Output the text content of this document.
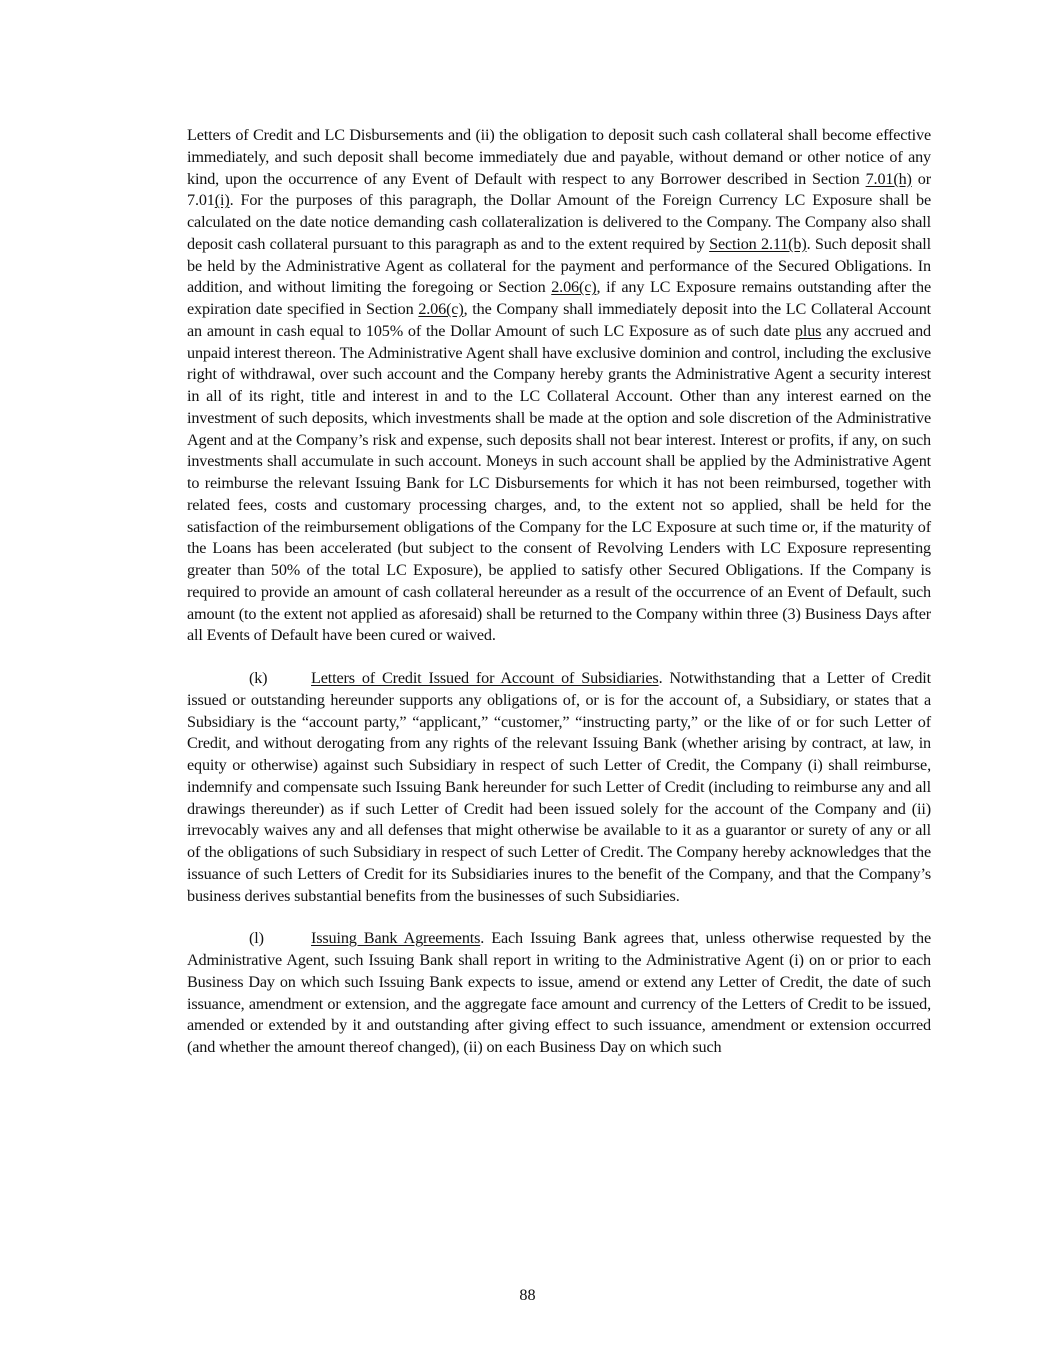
Letters of Credit and LC Disbursements and (ii) the obligation to deposit such cash collateral shall become effective immediately, and such deposit shall become immediately due and payable, without demand or other notice of any kind, upon the occurrence of any Event of Default with respect to any Borrower described in Section 7.01(h) or 7.01(i). For the purposes of this paragraph, the Dollar Amount of the Foreign Currency LC Exposure shall be calculated on the date notice demanding cash collateralization is delivered to the Company. The Company also shall deposit cash collateral pursuant to this paragraph as and to the extent required by Section 2.11(b). Such deposit shall be held by the Administrative Agent as collateral for the payment and performance of the Secured Obligations. In addition, and without limiting the foregoing or Section 2.06(c), if any LC Exposure remains outstanding after the expiration date specified in Section 2.06(c), the Company shall immediately deposit into the LC Collateral Account an amount in cash equal to 105% of the Dollar Amount of such LC Exposure as of such date plus any accrued and unpaid interest thereon. The Administrative Agent shall have exclusive dominion and control, including the exclusive right of withdrawal, over such account and the Company hereby grants the Administrative Agent a security interest in all of its right, title and interest in and to the LC Collateral Account. Other than any interest earned on the investment of such deposits, which investments shall be made at the option and sole discretion of the Administrative Agent and at the Company’s risk and expense, such deposits shall not bear interest. Interest or profits, if any, on such investments shall accumulate in such account. Moneys in such account shall be applied by the Administrative Agent to reimburse the relevant Issuing Bank for LC Disbursements for which it has not been reimbursed, together with related fees, costs and customary processing charges, and, to the extent not so applied, shall be held for the satisfaction of the reimbursement obligations of the Company for the LC Exposure at such time or, if the maturity of the Loans has been accelerated (but subject to the consent of Revolving Lenders with LC Exposure representing greater than 50% of the total LC Exposure), be applied to satisfy other Secured Obligations. If the Company is required to provide an amount of cash collateral hereunder as a result of the occurrence of an Event of Default, such amount (to the extent not applied as aforesaid) shall be returned to the Company within three (3) Business Days after all Events of Default have been cured or waived.

(k)	Letters of Credit Issued for Account of Subsidiaries. Notwithstanding that a Letter of Credit issued or outstanding hereunder supports any obligations of, or is for the account of, a Subsidiary, or states that a Subsidiary is the “account party,” “applicant,” “customer,” “instructing party,” or the like of or for such Letter of Credit, and without derogating from any rights of the relevant Issuing Bank (whether arising by contract, at law, in equity or otherwise) against such Subsidiary in respect of such Letter of Credit, the Company (i) shall reimburse, indemnify and compensate such Issuing Bank hereunder for such Letter of Credit (including to reimburse any and all drawings thereunder) as if such Letter of Credit had been issued solely for the account of the Company and (ii) irrevocably waives any and all defenses that might otherwise be available to it as a guarantor or surety of any or all of the obligations of such Subsidiary in respect of such Letter of Credit. The Company hereby acknowledges that the issuance of such Letters of Credit for its Subsidiaries inures to the benefit of the Company, and that the Company’s business derives substantial benefits from the businesses of such Subsidiaries.

(l)	Issuing Bank Agreements. Each Issuing Bank agrees that, unless otherwise requested by the Administrative Agent, such Issuing Bank shall report in writing to the Administrative Agent (i) on or prior to each Business Day on which such Issuing Bank expects to issue, amend or extend any Letter of Credit, the date of such issuance, amendment or extension, and the aggregate face amount and currency of the Letters of Credit to be issued, amended or extended by it and outstanding after giving effect to such issuance, amendment or extension occurred (and whether the amount thereof changed), (ii) on each Business Day on which such

88
